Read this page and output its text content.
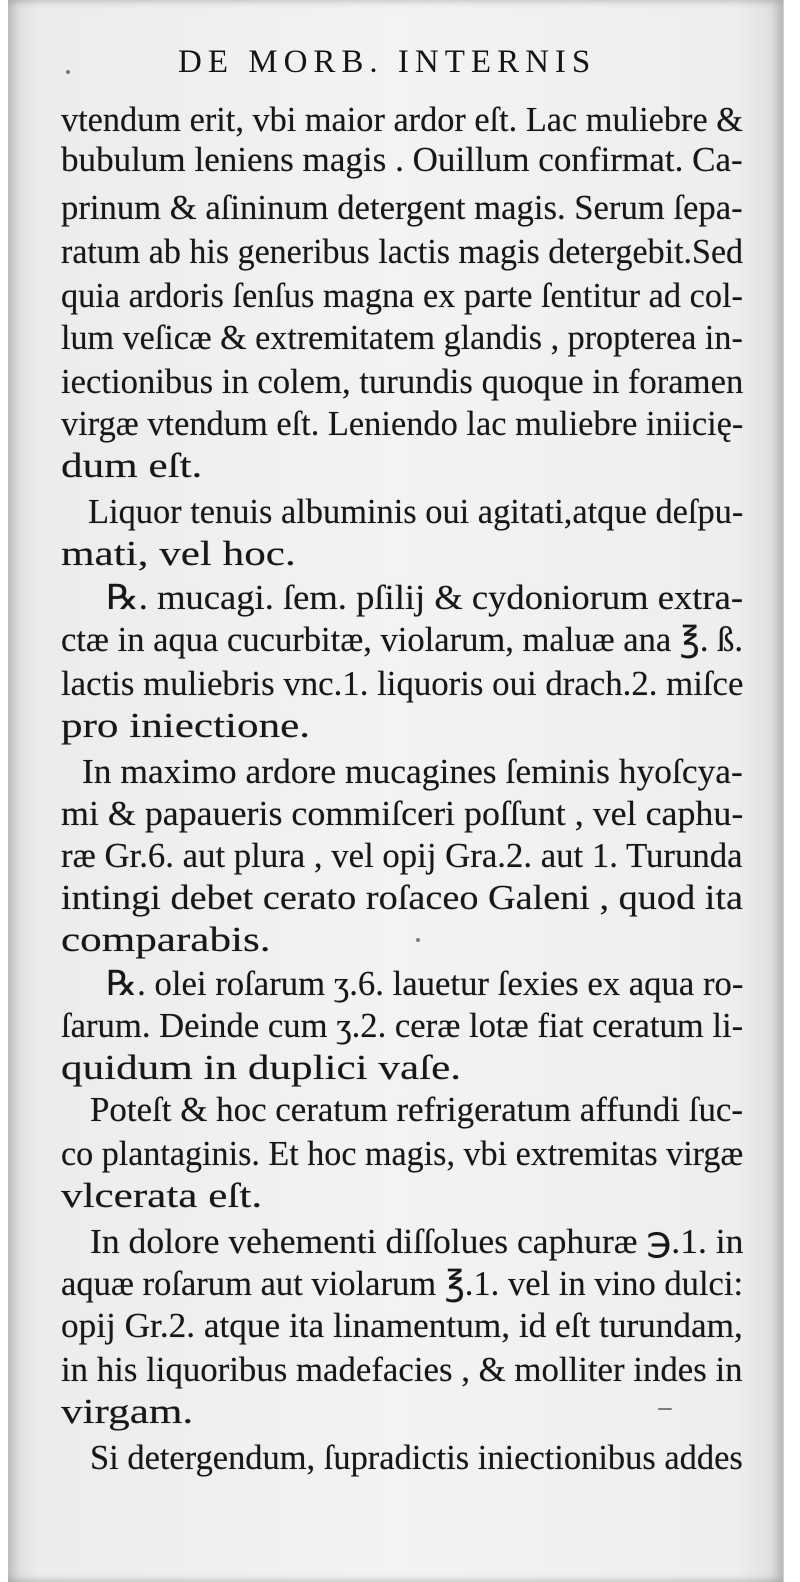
DE MORB. INTERNIS
vtendum erit, vbi maior ardor eſt. Lac muliebre &
bubulum leniens magis . Ouillum confirmat. Ca-
prinum & aſininum detergent magis. Serum ſepa-
ratum ab his generibus lactis magis detergebit.Sed
quia ardoris ſenſus magna ex parte ſentitur ad col-
lum veſicæ & extremitatem glandis , propterea in-
iectionibus in colem, turundis quoque in foramen
virgæ vtendum eſt. Leniendo lac muliebre iniicię-
dum eſt.
Liquor tenuis albuminis oui agitati,atque deſpu-
mati, vel hoc.
℞. mucagi. ſem. pſilij & cydoniorum extra-
ctæ in aqua cucurbitæ, violarum, maluæ ana ℥. ß.
lactis muliebris vnc.1. liquoris oui drach.2. miſce
pro iniectione.
In maximo ardore mucagines ſeminis hyoſcya-
mi & papaueris commiſceri poſſunt , vel caphu-
ræ Gr.6. aut plura , vel opij Gra.2. aut 1. Turunda
intingi debet cerato roſaceo Galeni , quod ita
comparabis.
℞. olei roſarum ʒ.6. lauetur ſexies ex aqua ro-
ſarum. Deinde cum ʒ.2. ceræ lotæ fiat ceratum li-
quidum in duplici vaſe.
Poteſt & hoc ceratum refrigeratum affundi ſuc-
co plantaginis. Et hoc magis, vbi extremitas virgæ
vlcerata eſt.
In dolore vehementi diſſolues caphuræ ℈.1. in
aquæ roſarum aut violarum ℥.1. vel in vino dulci:
opij Gr.2. atque ita linamentum, id eſt turundam,
in his liquoribus madefacies , & molliter indes in
virgam.
Si detergendum, ſupradictis iniectionibus addes
